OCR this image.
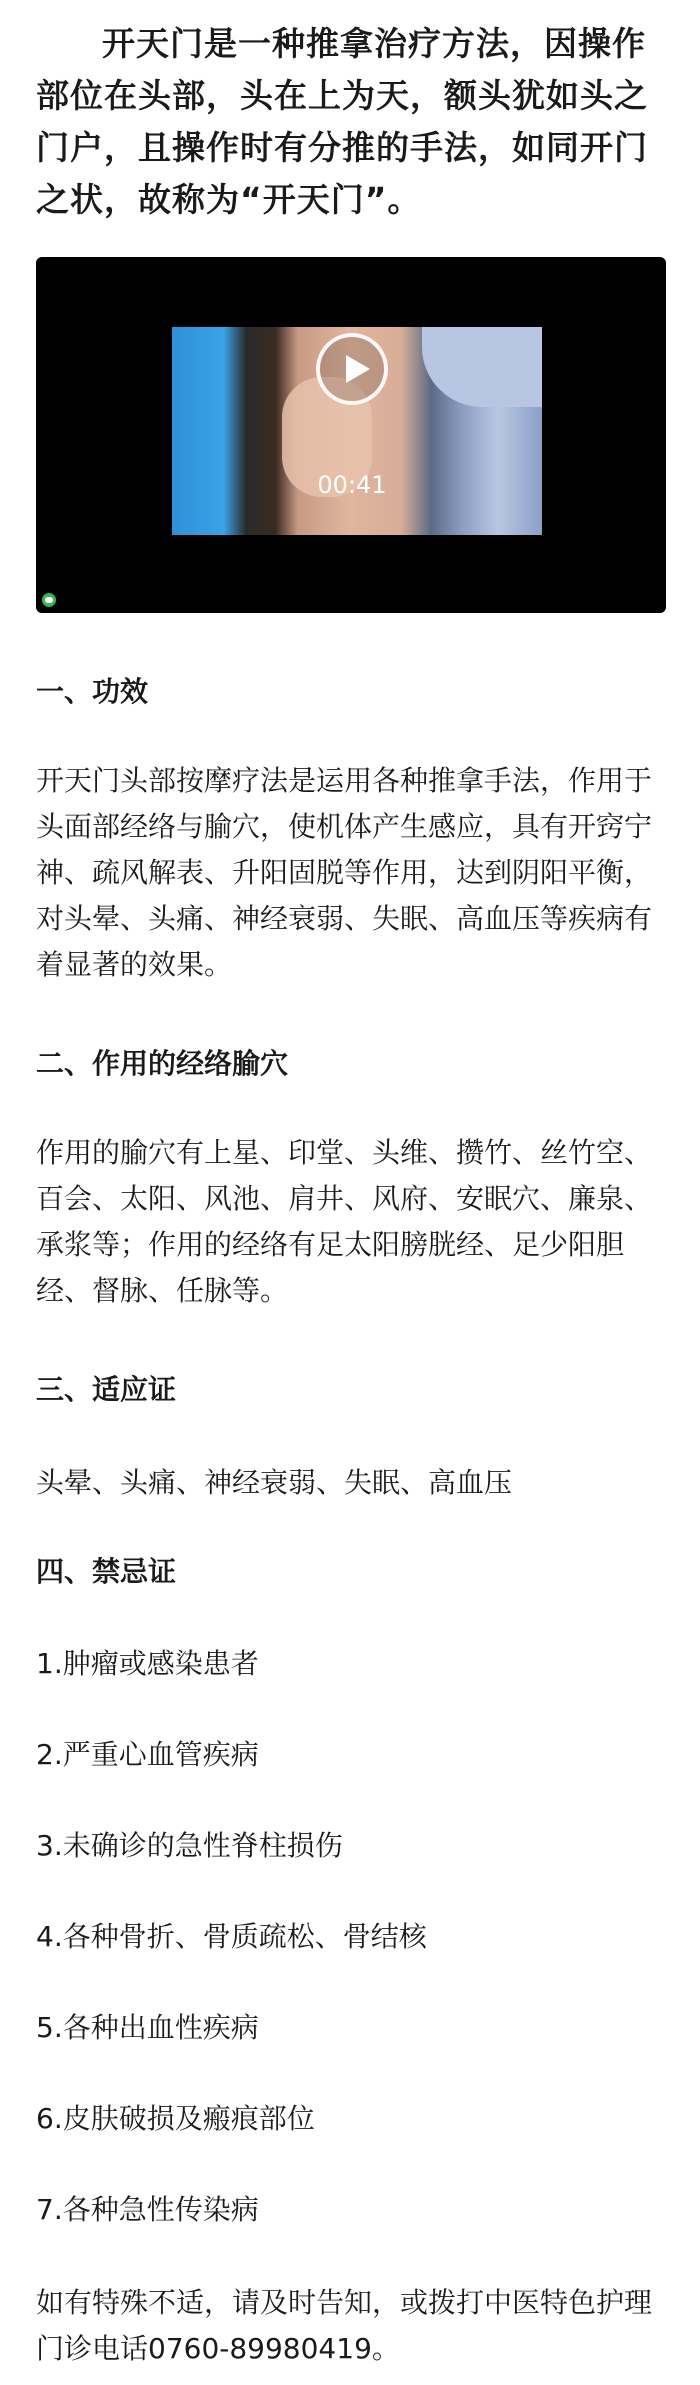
开天门是一种推拿治疗方法，因操作部位在头部，头在上为天，额头犹如头之门户，且操作时有分推的手法，如同开门之状，故称为“开天门”。

00:41
一、功效

开天门头部按摩疗法是运用各种推拿手法，作用于头面部经络与腧穴，使机体产生感应，具有开窍宁神、疏风解表、升阳固脱等作用，达到阴阳平衡，对头晕、头痛、神经衰弱、失眠、高血压等疾病有着显著的效果。

二、作用的经络腧穴

作用的腧穴有上星、印堂、头维、攒竹、丝竹空、百会、太阳、风池、肩井、风府、安眠穴、廉泉、承浆等；作用的经络有足太阳膀胱经、足少阳胆经、督脉、任脉等。

三、适应证

头晕、头痛、神经衰弱、失眠、高血压

四、禁忌证

1.肿瘤或感染患者

2.严重心血管疾病

3.未确诊的急性脊柱损伤

4.各种骨折、骨质疏松、骨结核

5.各种出血性疾病

6.皮肤破损及瘢痕部位

7.各种急性传染病

如有特殊不适，请及时告知，或拨打中医特色护理门诊电话0760-89980419。
